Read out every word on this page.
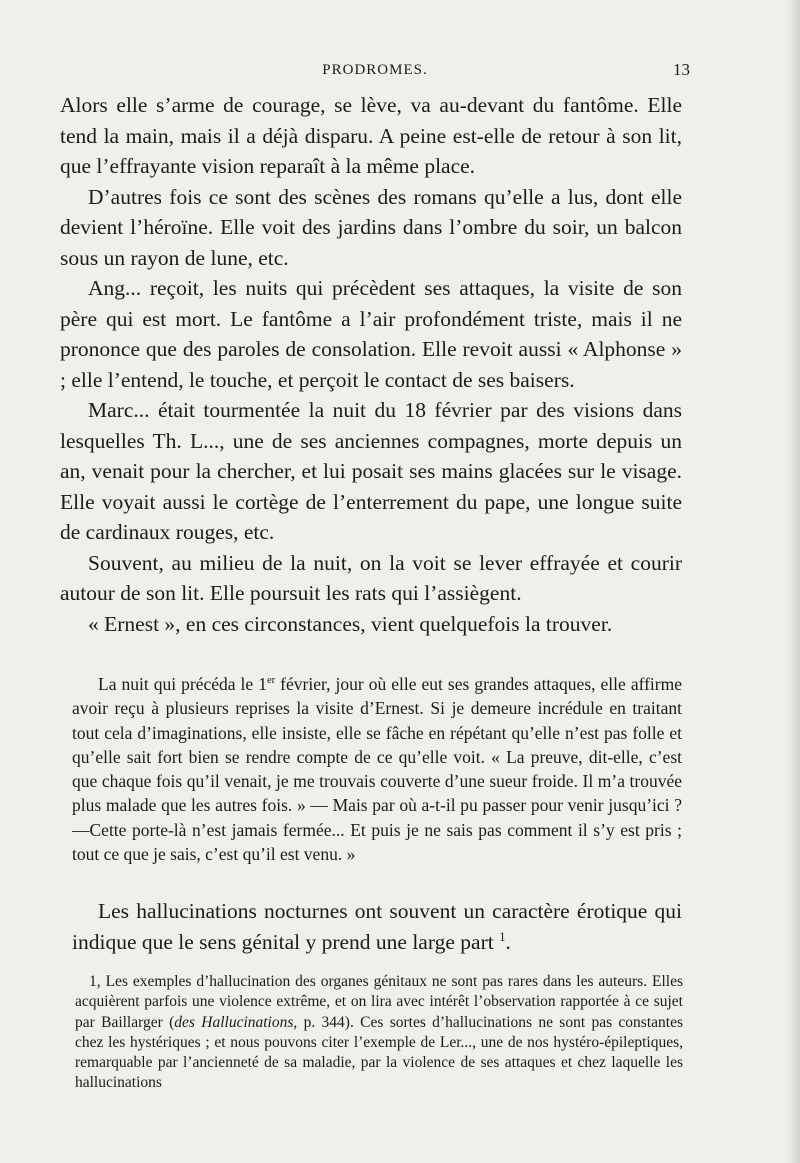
PRODROMES.	13

Alors elle s’arme de courage, se lève, va au-devant du fantôme. Elle tend la main, mais il a déjà disparu. A peine est-elle de retour à son lit, que l’effrayante vision reparaît à la même place.

D’autres fois ce sont des scènes des romans qu’elle a lus, dont elle devient l’héroïne. Elle voit des jardins dans l’ombre du soir, un balcon sous un rayon de lune, etc.

Ang... reçoit, les nuits qui précèdent ses attaques, la visite de son père qui est mort. Le fantôme a l’air profondément triste, mais il ne prononce que des paroles de consolation. Elle revoit aussi « Alphonse » ; elle l’entend, le touche, et perçoit le contact de ses baisers.

Marc... était tourmentée la nuit du 18 février par des visions dans lesquelles Th. L..., une de ses anciennes compagnes, morte depuis un an, venait pour la chercher, et lui posait ses mains glacées sur le visage. Elle voyait aussi le cortège de l’enterrement du pape, une longue suite de cardinaux rouges, etc.

Souvent, au milieu de la nuit, on la voit se lever effrayée et courir autour de son lit. Elle poursuit les rats qui l’assiègent.

« Ernest », en ces circonstances, vient quelquefois la trouver.

La nuit qui précéda le 1er février, jour où elle eut ses grandes attaques, elle affirme avoir reçu à plusieurs reprises la visite d’Ernest. Si je demeure incrédule en traitant tout cela d’imaginations, elle insiste, elle se fâche en répétant qu’elle n’est pas folle et qu’elle sait fort bien se rendre compte de ce qu’elle voit. « La preuve, dit-elle, c’est que chaque fois qu’il venait, je me trouvais couverte d’une sueur froide. Il m’a trouvée plus malade que les autres fois. » — Mais par où a-t-il pu passer pour venir jusqu’ici ?—Cette porte-là n’est jamais fermée... Et puis je ne sais pas comment il s’y est pris ; tout ce que je sais, c’est qu’il est venu. »

Les hallucinations nocturnes ont souvent un caractère érotique qui indique que le sens génital y prend une large part $^1$.

1, Les exemples d’hallucination des organes génitaux ne sont pas rares dans les auteurs. Elles acquièrent parfois une violence extrême, et on lira avec intérêt l’observation rapportée à ce sujet par Baillarger (des Hallucinations, p. 344). Ces sortes d’hallucinations ne sont pas constantes chez les hystériques ; et nous pouvons citer l’exemple de Ler..., une de nos hystéro-épileptiques, remarquable par l’ancienneté de sa maladie, par la violence de ses attaques et chez laquelle les hallucinations
